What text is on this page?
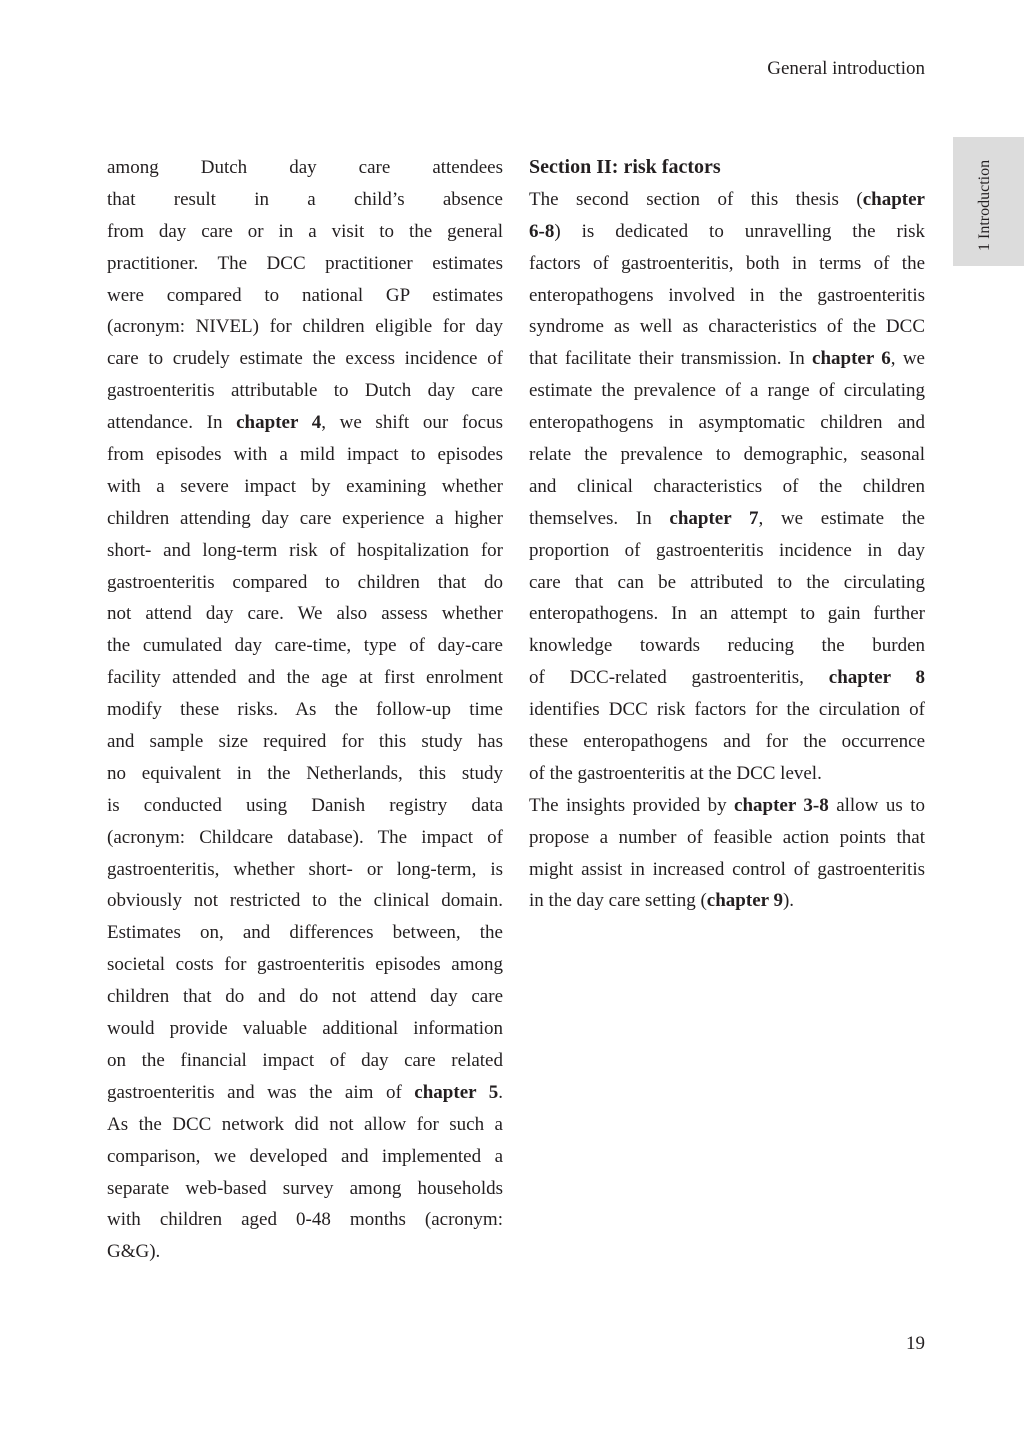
General introduction
1 Introduction
among Dutch day care attendees
that result in a child’s absence
from day care or in a visit to the general
practitioner. The DCC practitioner estimates
were compared to national GP estimates
(acronym: NIVEL) for children eligible for day
care to crudely estimate the excess incidence of
gastroenteritis attributable to Dutch day care
attendance. In chapter 4, we shift our focus
from episodes with a mild impact to episodes
with a severe impact by examining whether
children attending day care experience a higher
short- and long-term risk of hospitalization for
gastroenteritis compared to children that do
not attend day care. We also assess whether
the cumulated day care-time, type of day-care
facility attended and the age at first enrolment
modify these risks. As the follow-up time
and sample size required for this study has
no equivalent in the Netherlands, this study
is conducted using Danish registry data
(acronym: Childcare database). The impact of
gastroenteritis, whether short- or long-term, is
obviously not restricted to the clinical domain.
Estimates on, and differences between, the
societal costs for gastroenteritis episodes among
children that do and do not attend day care
would provide valuable additional information
on the financial impact of day care related
gastroenteritis and was the aim of chapter 5.
As the DCC network did not allow for such a
comparison, we developed and implemented a
separate web-based survey among households
with children aged 0-48 months (acronym:
G&G).
Section II: risk factors
The second section of this thesis (chapter
6-8) is dedicated to unravelling the risk
factors of gastroenteritis, both in terms of the
enteropathogens involved in the gastroenteritis
syndrome as well as characteristics of the DCC
that facilitate their transmission. In chapter 6, we
estimate the prevalence of a range of circulating
enteropathogens in asymptomatic children and
relate the prevalence to demographic, seasonal
and clinical characteristics of the children
themselves. In chapter 7, we estimate the
proportion of gastroenteritis incidence in day
care that can be attributed to the circulating
enteropathogens. In an attempt to gain further
knowledge towards reducing the burden
of DCC-related gastroenteritis, chapter 8
identifies DCC risk factors for the circulation of
these enteropathogens and for the occurrence
of the gastroenteritis at the DCC level.
The insights provided by chapter 3-8 allow us to
propose a number of feasible action points that
might assist in increased control of gastroenteritis
in the day care setting (chapter 9).
19
